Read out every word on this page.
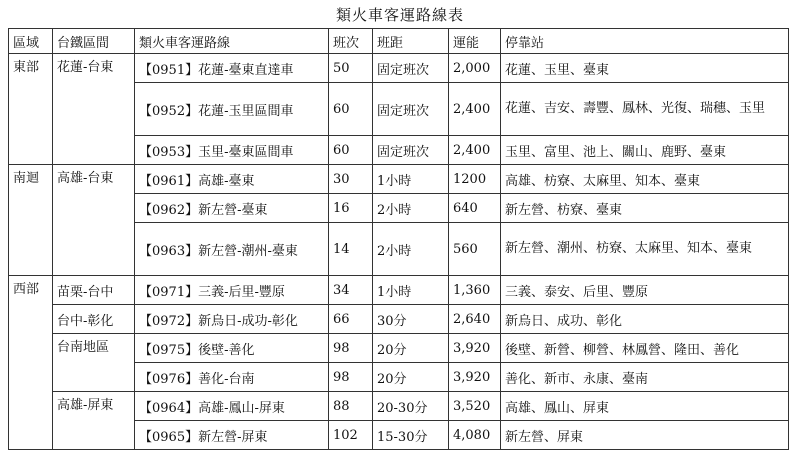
類火車客運路線表
區域	台鐵區間	類火車客運路線	班次	班距	運能	停靠站
東部	花蓮-台東	【0951】花蓮-臺東直達車	50	固定班次	2,000	花蓮、玉里、臺東
		【0952】花蓮-玉里區間車	60	固定班次	2,400	花蓮、吉安、壽豐、鳳林、光復、瑞穗、玉里
		【0953】玉里-臺東區間車	60	固定班次	2,400	玉里、富里、池上、關山、鹿野、臺東
南迴	高雄-台東	【0961】高雄-臺東	30	1小時	1200	高雄、枋寮、太麻里、知本、臺東
		【0962】新左營-臺東	16	2小時	640	新左營、枋寮、臺東
		【0963】新左營-潮州-臺東	14	2小時	560	新左營、潮州、枋寮、太麻里、知本、臺東
西部	苗栗-台中	【0971】三義-后里-豐原	34	1小時	1,360	三義、泰安、后里、豐原
	台中-彰化	【0972】新烏日-成功-彰化	66	30分	2,640	新烏日、成功、彰化
	台南地區	【0975】後壁-善化	98	20分	3,920	後壁、新營、柳營、林鳳營、隆田、善化
		【0976】善化-台南	98	20分	3,920	善化、新市、永康、臺南
	高雄-屏東	【0964】高雄-鳳山-屏東	88	20-30分	3,520	高雄、鳳山、屏東
		【0965】新左營-屏東	102	15-30分	4,080	新左營、屏東
